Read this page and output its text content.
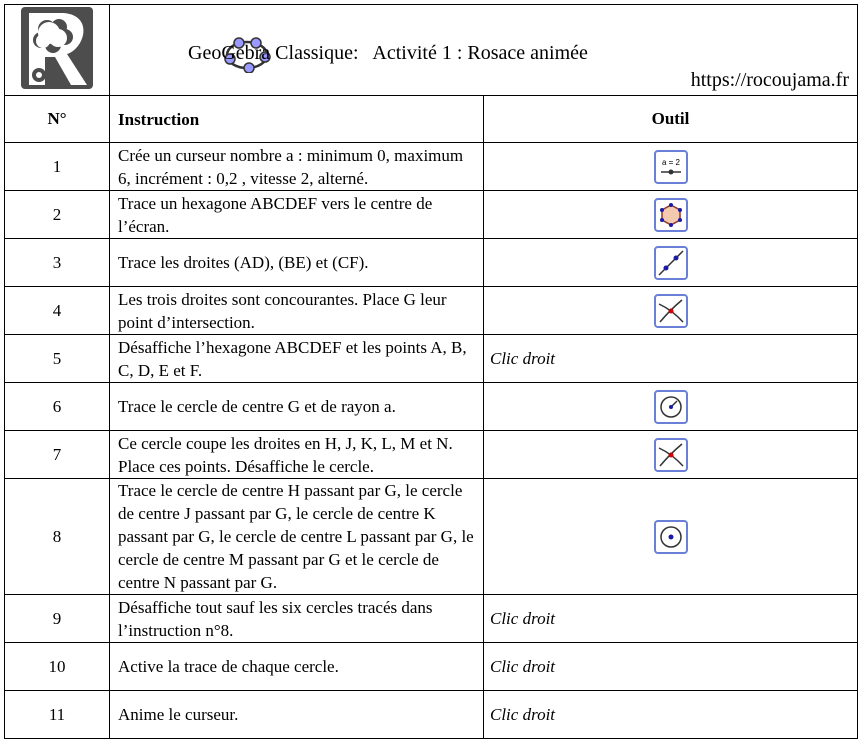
GeoGebra Classique:   Activité 1 : Rosace animée
https://rocoujama.fr	

N°	Instruction	Outil
1	Crée un curseur nombre a : minimum 0, maximum 6, incrément : 0,2 , vitesse 2, alterné.	a = 2

2	Trace un hexagone ABCDEF vers le centre de l’écran.	

3	Trace les droites (AD), (BE) et (CF).	

4	Les trois droites sont concourantes. Place G leur point d’intersection.	

5	Désaffiche l’hexagone ABCDEF et les points A, B, C, D, E et F.	Clic droit
6	Trace le cercle de centre G et de rayon a.	

7	Ce cercle coupe les droites en H, J, K, L, M et N. Place ces points. Désaffiche le cercle.	

8	Trace le cercle de centre H passant par G, le cercle de centre J passant par G, le cercle de centre K passant par G, le cercle de centre L passant par G, le cercle de centre M passant par G et le cercle de centre N passant par G.	

9	Désaffiche tout sauf les six cercles tracés dans l’instruction n°8.	Clic droit
10	Active la trace de chaque cercle.	Clic droit
11	Anime le curseur.	Clic droit
